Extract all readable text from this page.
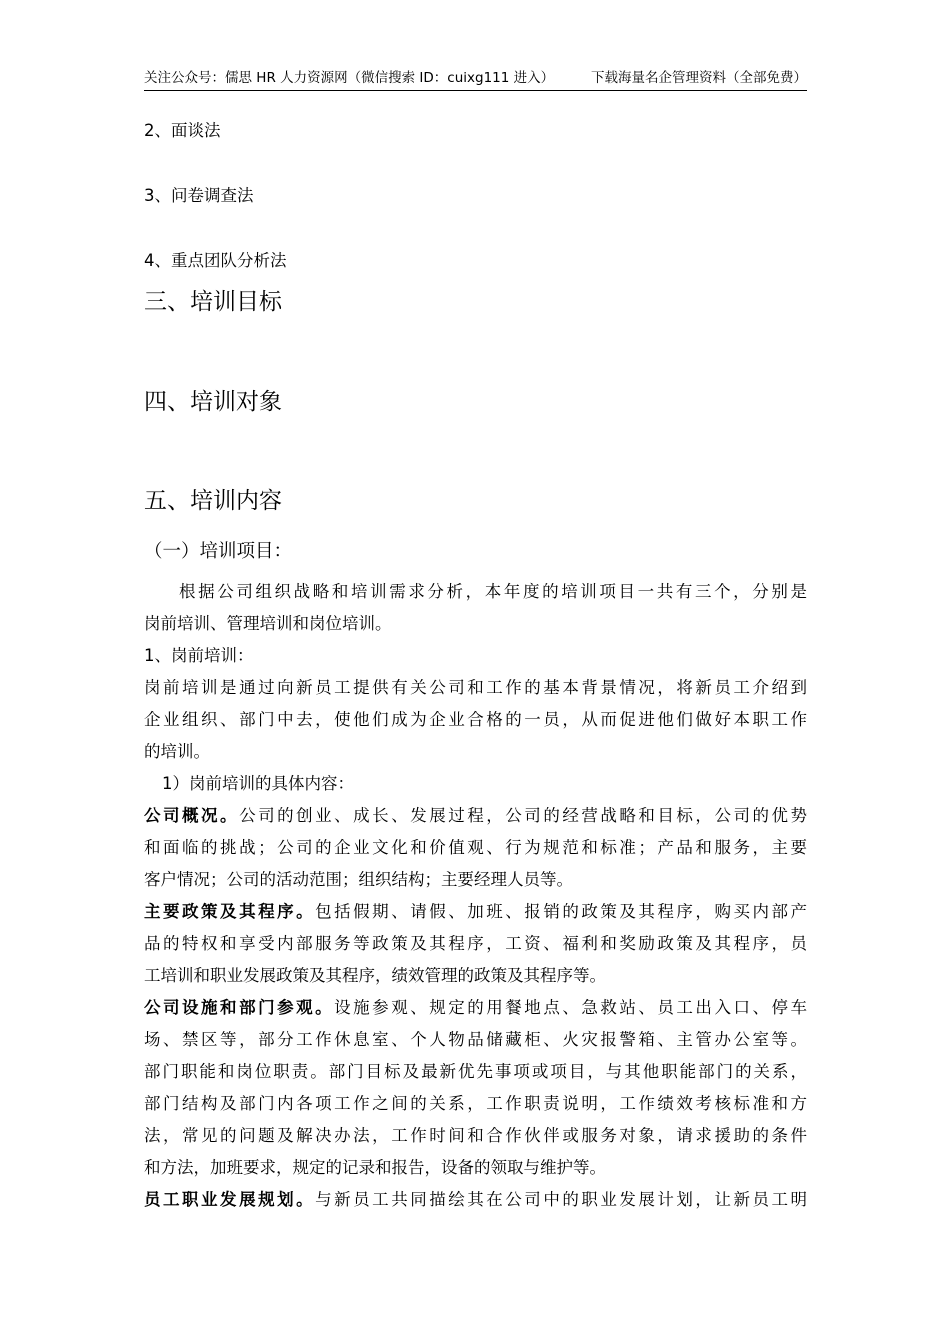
关注公众号：儒思 HR 人力资源网（微信搜索 ID：cuixg111 进入）	下载海量名企管理资料（全部免费）
2、面谈法
3、问卷调查法
4、重点团队分析法
三、培训目标
四、培训对象
五、培训内容
（一）培训项目：
根据公司组织战略和培训需求分析，本年度的培训项目一共有三个，分别是
岗前培训、管理培训和岗位培训。
1、岗前培训：
岗前培训是通过向新员工提供有关公司和工作的基本背景情况，将新员工介绍到
企业组织、部门中去，使他们成为企业合格的一员，从而促进他们做好本职工作
的培训。
1）岗前培训的具体内容：
公司概况。公司的创业、成长、发展过程，公司的经营战略和目标，公司的优势
和面临的挑战；公司的企业文化和价值观、行为规范和标准；产品和服务，主要
客户情况；公司的活动范围；组织结构；主要经理人员等。
主要政策及其程序。包括假期、请假、加班、报销的政策及其程序，购买内部产
品的特权和享受内部服务等政策及其程序，工资、福利和奖励政策及其程序，员
工培训和职业发展政策及其程序，绩效管理的政策及其程序等。
公司设施和部门参观。设施参观、规定的用餐地点、急救站、员工出入口、停车
场、禁区等，部分工作休息室、个人物品储藏柜、火灾报警箱、主管办公室等。
部门职能和岗位职责。部门目标及最新优先事项或项目，与其他职能部门的关系，
部门结构及部门内各项工作之间的关系，工作职责说明，工作绩效考核标准和方
法，常见的问题及解决办法，工作时间和合作伙伴或服务对象，请求援助的条件
和方法，加班要求，规定的记录和报告，设备的领取与维护等。
员工职业发展规划。与新员工共同描绘其在公司中的职业发展计划，让新员工明
